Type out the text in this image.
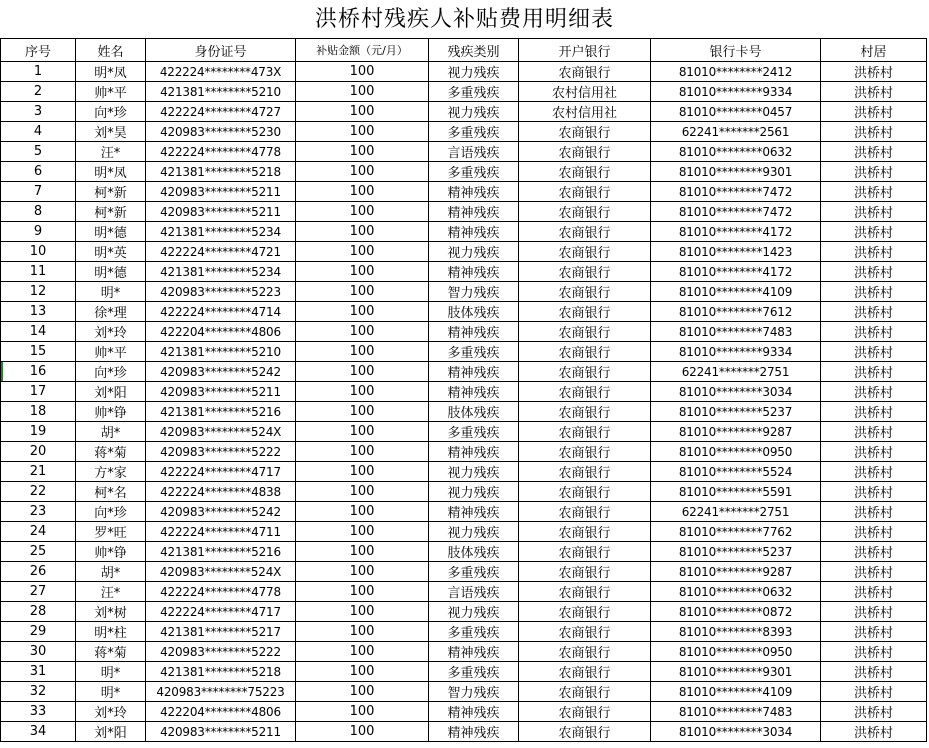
洪桥村残疾人补贴费用明细表
序号	姓名	身份证号	补贴金额（元/月）	残疾类别	开户银行	银行卡号	村居
1	明*凤	422224********473X	100	视力残疾	农商银行	81010********2412	洪桥村
2	帅*平	421381********5210	100	多重残疾	农村信用社	81010********9334	洪桥村
3	向*珍	422224********4727	100	视力残疾	农村信用社	81010********0457	洪桥村
4	刘*昊	420983********5230	100	多重残疾	农商银行	62241*******2561	洪桥村
5	汪*	422224********4778	100	言语残疾	农商银行	81010********0632	洪桥村
6	明*凤	421381********5218	100	多重残疾	农商银行	81010********9301	洪桥村
7	柯*新	420983********5211	100	精神残疾	农商银行	81010********7472	洪桥村
8	柯*新	420983********5211	100	精神残疾	农商银行	81010********7472	洪桥村
9	明*德	421381********5234	100	精神残疾	农商银行	81010********4172	洪桥村
10	明*英	422224********4721	100	视力残疾	农商银行	81010********1423	洪桥村
11	明*德	421381********5234	100	精神残疾	农商银行	81010********4172	洪桥村
12	明*	420983********5223	100	智力残疾	农商银行	81010********4109	洪桥村
13	徐*理	422224********4714	100	肢体残疾	农商银行	81010********7612	洪桥村
14	刘*玲	422204********4806	100	精神残疾	农商银行	81010********7483	洪桥村
15	帅*平	421381********5210	100	多重残疾	农商银行	81010********9334	洪桥村
16	向*珍	420983********5242	100	精神残疾	农商银行	62241*******2751	洪桥村
17	刘*阳	420983********5211	100	精神残疾	农商银行	81010********3034	洪桥村
18	帅*铮	421381********5216	100	肢体残疾	农商银行	81010********5237	洪桥村
19	胡*	420983********524X	100	多重残疾	农商银行	81010********9287	洪桥村
20	蒋*菊	420983********5222	100	精神残疾	农商银行	81010********0950	洪桥村
21	方*家	422224********4717	100	视力残疾	农商银行	81010********5524	洪桥村
22	柯*名	422224********4838	100	视力残疾	农商银行	81010********5591	洪桥村
23	向*珍	420983********5242	100	精神残疾	农商银行	62241*******2751	洪桥村
24	罗*旺	422224********4711	100	视力残疾	农商银行	81010********7762	洪桥村
25	帅*铮	421381********5216	100	肢体残疾	农商银行	81010********5237	洪桥村
26	胡*	420983********524X	100	多重残疾	农商银行	81010********9287	洪桥村
27	汪*	422224********4778	100	言语残疾	农商银行	81010********0632	洪桥村
28	刘*树	422224********4717	100	视力残疾	农商银行	81010********0872	洪桥村
29	明*柱	421381********5217	100	多重残疾	农商银行	81010********8393	洪桥村
30	蒋*菊	420983********5222	100	精神残疾	农商银行	81010********0950	洪桥村
31	明*	421381********5218	100	多重残疾	农商银行	81010********9301	洪桥村
32	明*	420983********75223	100	智力残疾	农商银行	81010********4109	洪桥村
33	刘*玲	422204********4806	100	精神残疾	农商银行	81010********7483	洪桥村
34	刘*阳	420983********5211	100	精神残疾	农商银行	81010********3034	洪桥村
